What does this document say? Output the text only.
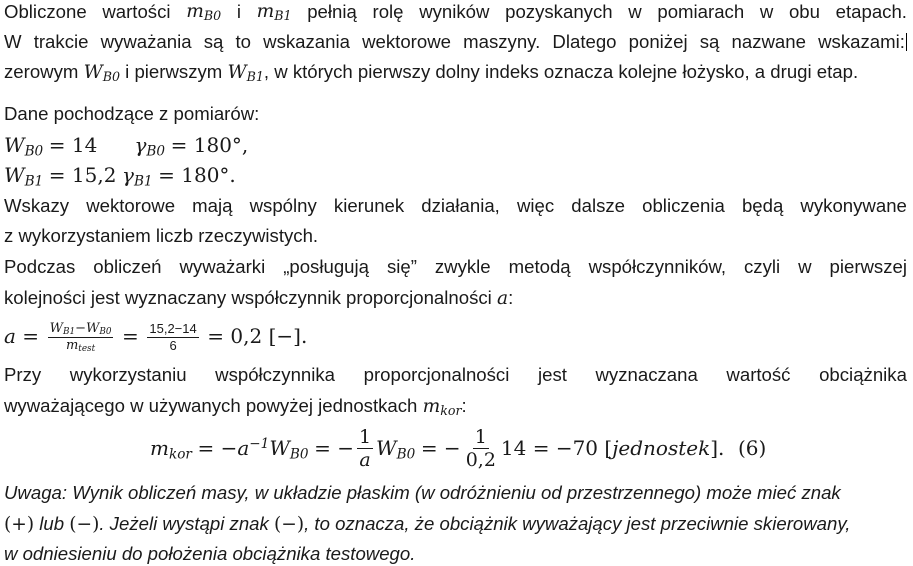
Obliczone wartości $m_{B0}$ i $m_{B1}$ pełnią rolę wyników pozyskanych w pomiarach w obu etapach.
W trakcie wyważania są to wskazania wektorowe maszyny. Dlatego poniżej są nazwane wskazami:
zerowym $W_{B0}$ i pierwszym $W_{B1}$, w których pierwszy dolny indeks oznacza kolejne łożysko, a drugi etap.
Dane pochodzące z pomiarów:
$W_{B0} = 14$ $\gamma_{B0} = 180^\circ$,
$W_{B1} = 15,2$ $\gamma_{B1} = 180^\circ$.
Wskazy wektorowe mają wspólny kierunek działania, więc dalsze obliczenia będą wykonywane
z wykorzystaniem liczb rzeczywistych.
Podczas obliczeń wyważarki „posługują się” zwykle metodą współczynników, czyli w pierwszej
kolejności jest wyznaczany współczynnik proporcjonalności a:
$a = \frac{W_{B1}-W_{B0}}{m_{test}} = \frac{15,2-14}{6} = 0,2$ [−].
Przy wykorzystaniu współczynnika proporcjonalności jest wyznaczana wartość obciążnika
wyważającego w używanych powyżej jednostkach $m_{kor}$:
$m_{kor} = -a^{-1}W_{B0}$ = − $\frac{1}{a} W_{B0}$ = − $\frac{1}{0,2} 14 = -70$ [jednostek]. (6)
Uwaga: Wynik obliczeń masy, w układzie płaskim (w odróżnieniu od przestrzennego) może mieć znak
(+) lub (−). Jeżeli wystąpi znak (−), to oznacza, że obciążnik wyważający jest przeciwnie skierowany,
w odniesieniu do położenia obciążnika testowego.
